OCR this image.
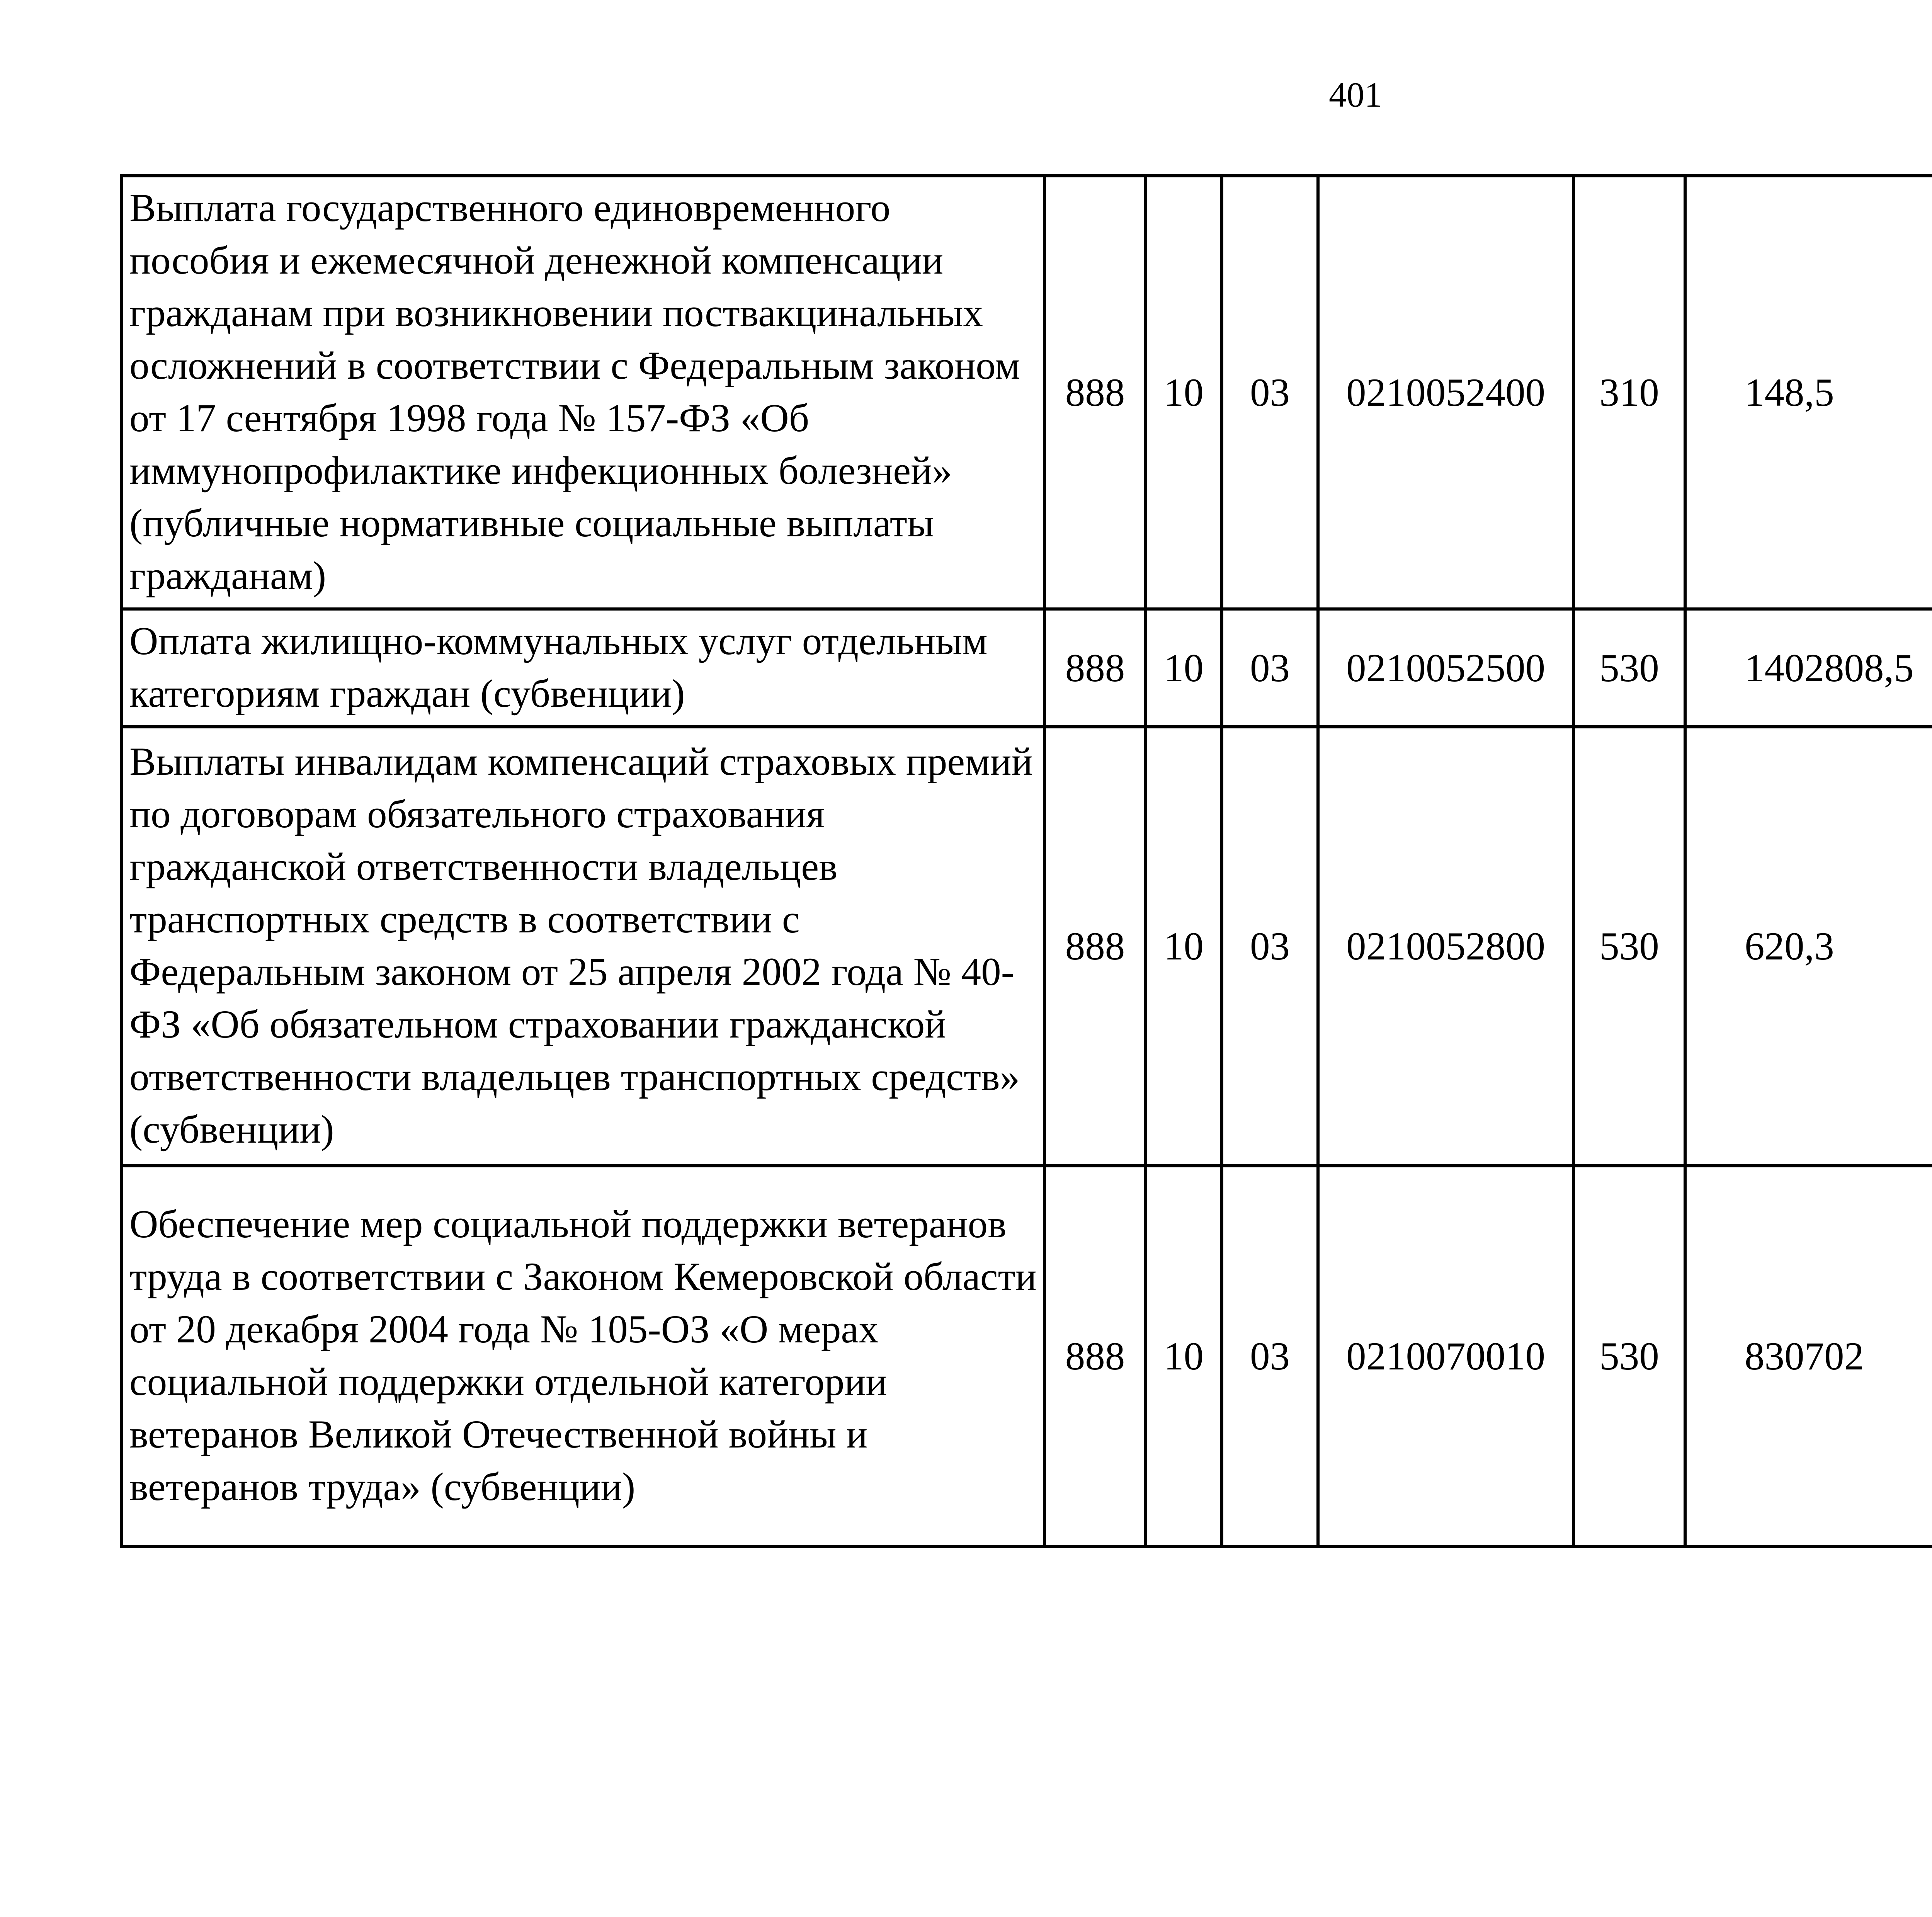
401
Выплата государственного единовременного пособия и ежемесячной денежной компенсации гражданам при возникновении поствакцинальных осложнений в соответствии с Федеральным законом от 17 сентября 1998 года № 157-ФЗ «Об иммунопрофилактике инфекционных болезней» (публичные нормативные социальные выплаты гражданам)	888	10	03	0210052400	310	148,5		
Оплата жилищно-коммунальных услуг отдельным категориям граждан (субвенции)	888	10	03	0210052500	530	1402808,5		
Выплаты инвалидам компенсаций страховых премий по договорам обязательного страхования гражданской ответственности владельцев транспортных средств в соответствии с Федеральным законом от 25 апреля 2002 года № 40-ФЗ «Об обязательном страховании гражданской ответственности владельцев транспортных средств» (субвенции)	888	10	03	0210052800	530	620,3		
Обеспечение мер социальной поддержки ветеранов труда в соответствии с Законом Кемеровской области от 20 декабря 2004 года № 105-ОЗ «О мерах социальной поддержки отдельной категории ветеранов Великой Отечественной войны и ветеранов труда» (субвенции)	888	10	03	0210070010	530	830702		
